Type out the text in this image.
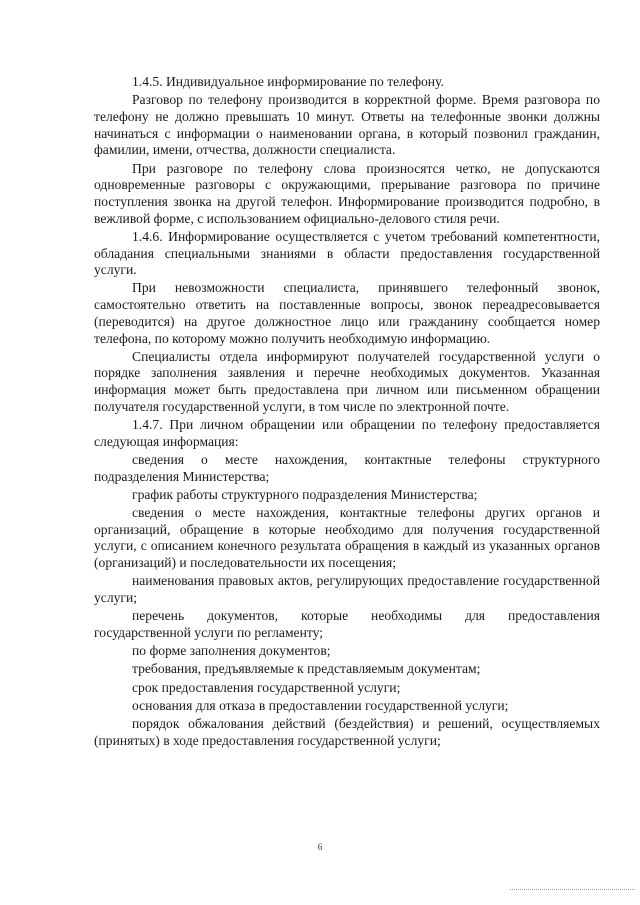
1.4.5. Индивидуальное информирование по телефону.

Разговор по телефону производится в корректной форме. Время разговора по телефону не должно превышать 10 минут. Ответы на телефонные звонки должны начинаться с информации о наименовании органа, в который позвонил гражданин, фамилии, имени, отчества, должности специалиста.

При разговоре по телефону слова произносятся четко, не допускаются одновременные разговоры с окружающими, прерывание разговора по причине поступления звонка на другой телефон. Информирование производится подробно, в вежливой форме, с использованием официально-делового стиля речи.

1.4.6. Информирование осуществляется с учетом требований компетентности, обладания специальными знаниями в области предоставления государственной услуги.

При невозможности специалиста, принявшего телефонный звонок, самостоятельно ответить на поставленные вопросы, звонок переадресовывается (переводится) на другое должностное лицо или гражданину сообщается номер телефона, по которому можно получить необходимую информацию.

Специалисты отдела информируют получателей государственной услуги о порядке заполнения заявления и перечне необходимых документов. Указанная информация может быть предоставлена при личном или письменном обращении получателя государственной услуги, в том числе по электронной почте.

1.4.7. При личном обращении или обращении по телефону предоставляется следующая информация:

сведения о месте нахождения, контактные телефоны структурного подразделения Министерства;

график работы структурного подразделения Министерства;

сведения о месте нахождения, контактные телефоны других органов и организаций, обращение в которые необходимо для получения государственной услуги, с описанием конечного результата обращения в каждый из указанных органов (организаций) и последовательности их посещения;

наименования правовых актов, регулирующих предоставление государственной услуги;

перечень документов, которые необходимы для предоставления государственной услуги по регламенту;

по форме заполнения документов;

требования, предъявляемые к представляемым документам;

срок предоставления государственной услуги;

основания для отказа в предоставлении государственной услуги;

порядок обжалования действий (бездействия) и решений, осуществляемых (принятых) в ходе предоставления государственной услуги;

6
